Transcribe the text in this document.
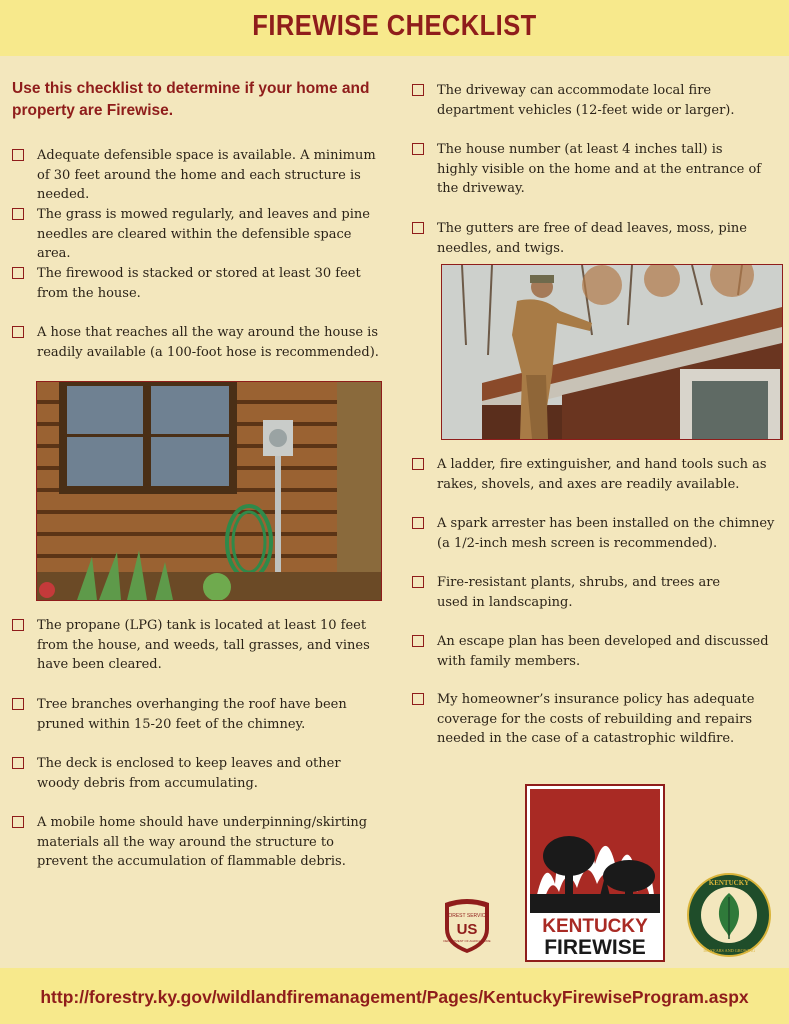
FIREWISE CHECKLIST
Use this checklist to determine if your home and property are Firewise.
Adequate defensible space is available. A minimum of 30 feet around the home and each structure is needed.
The grass is mowed regularly, and leaves and pine needles are cleared within the defensible space area.
The firewood is stacked or stored at least 30 feet from the house.
A hose that reaches all the way around the house is readily available (a 100-foot hose is recommended).
The propane (LPG) tank is located at least 10 feet from the house, and weeds, tall grasses, and vines have been cleared.
Tree branches overhanging the roof have been pruned within 15-20 feet of the chimney.
The deck is enclosed to keep leaves and other woody debris from accumulating.
A mobile home should have underpinning/skirting materials all the way around the structure to prevent the accumulation of flammable debris.
The driveway can accommodate local fire department vehicles (12-feet wide or larger).
The house number (at least 4 inches tall) is highly visible on the home and at the entrance of the driveway.
The gutters are free of dead leaves, moss, pine needles, and twigs.
A ladder, fire extinguisher, and hand tools such as rakes, shovels, and axes are readily available.
A spark arrester has been installed on the chimney (a 1/2-inch mesh screen is recommended).
Fire-resistant plants, shrubs, and trees are used in landscaping.
An escape plan has been developed and discussed with family members.
My homeowner’s insurance policy has adequate coverage for the costs of rebuilding and repairs needed in the case of a catastrophic wildfire.
FOREST SERVICE
US
DEPARTMENT OF AGRICULTURE
KENTUCKY
FIREWISE
KENTUCKY
100 YEARS AND GROWING
http://forestry.ky.gov/wildlandfiremanagement/Pages/KentuckyFirewiseProgram.aspx
